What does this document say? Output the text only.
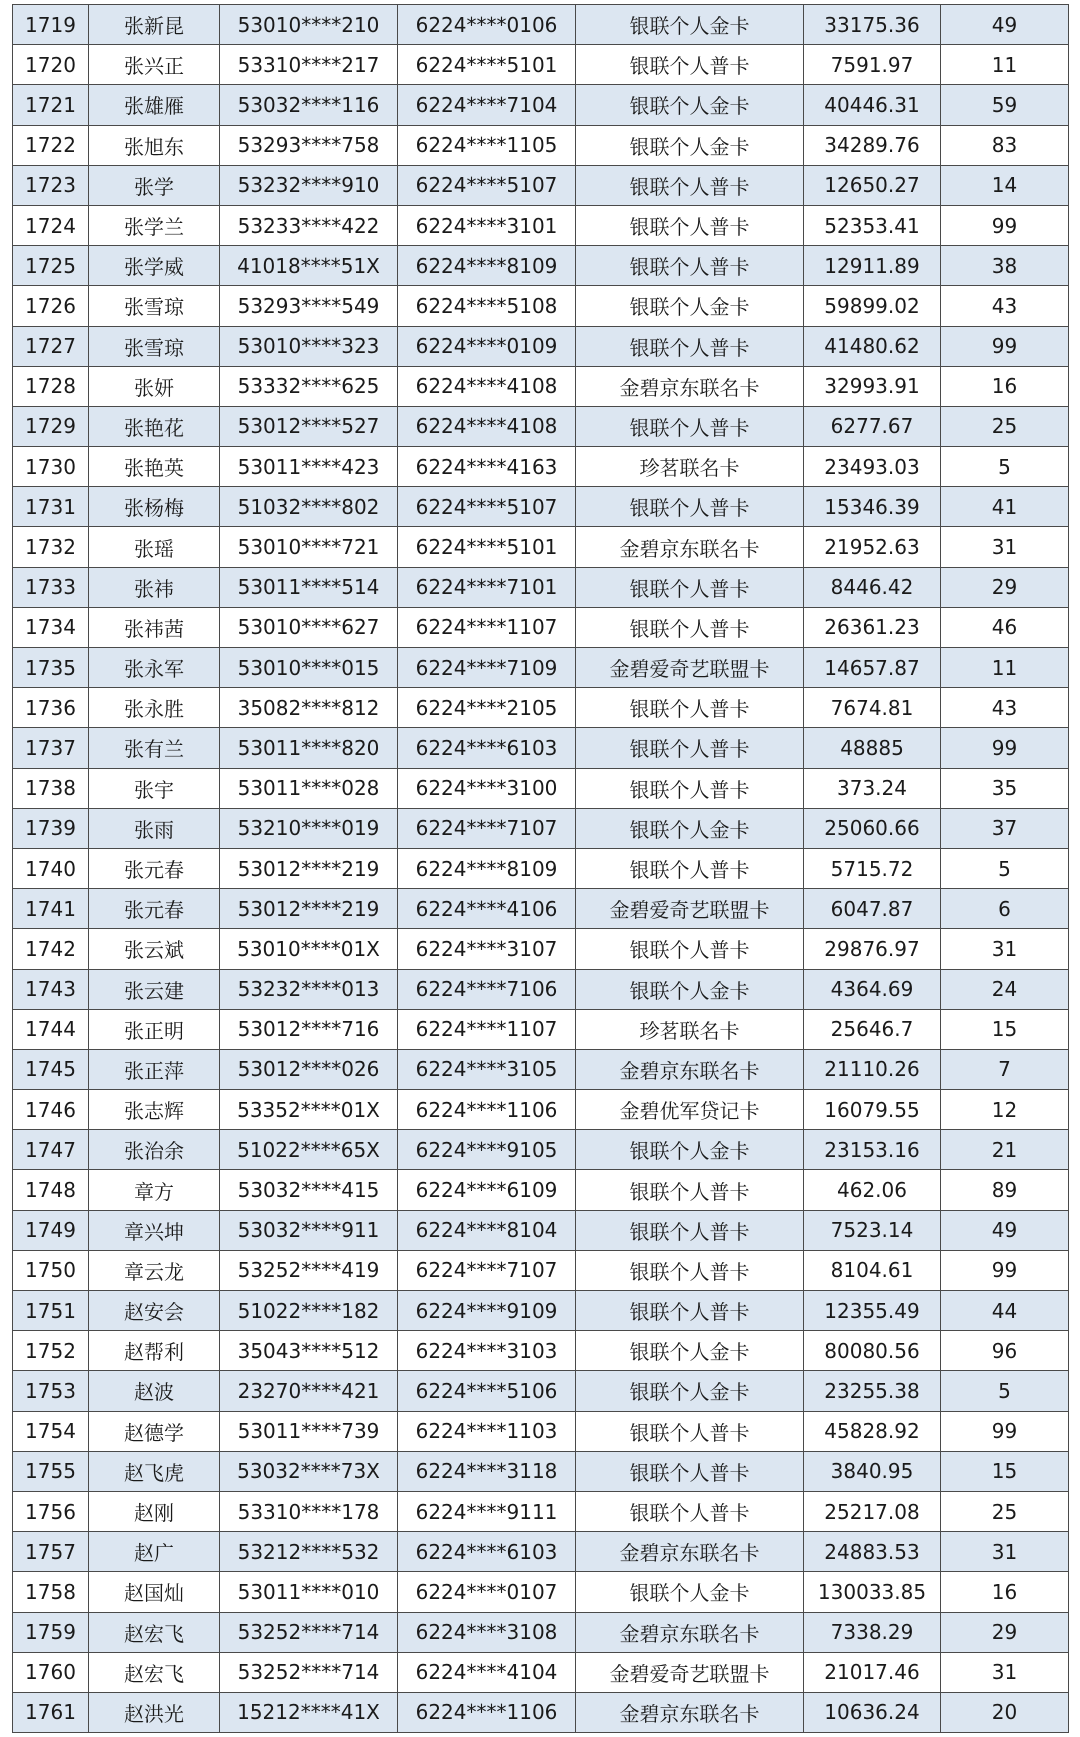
1719	张新昆	53010****210	6224****0106	银联个人金卡	33175.36	49
1720	张兴正	53310****217	6224****5101	银联个人普卡	7591.97	11
1721	张雄雁	53032****116	6224****7104	银联个人金卡	40446.31	59
1722	张旭东	53293****758	6224****1105	银联个人金卡	34289.76	83
1723	张学	53232****910	6224****5107	银联个人普卡	12650.27	14
1724	张学兰	53233****422	6224****3101	银联个人普卡	52353.41	99
1725	张学威	41018****51X	6224****8109	银联个人普卡	12911.89	38
1726	张雪琼	53293****549	6224****5108	银联个人金卡	59899.02	43
1727	张雪琼	53010****323	6224****0109	银联个人普卡	41480.62	99
1728	张妍	53332****625	6224****4108	金碧京东联名卡	32993.91	16
1729	张艳花	53012****527	6224****4108	银联个人普卡	6277.67	25
1730	张艳英	53011****423	6224****4163	珍茗联名卡	23493.03	5
1731	张杨梅	51032****802	6224****5107	银联个人普卡	15346.39	41
1732	张瑶	53010****721	6224****5101	金碧京东联名卡	21952.63	31
1733	张祎	53011****514	6224****7101	银联个人普卡	8446.42	29
1734	张祎茜	53010****627	6224****1107	银联个人普卡	26361.23	46
1735	张永军	53010****015	6224****7109	金碧爱奇艺联盟卡	14657.87	11
1736	张永胜	35082****812	6224****2105	银联个人普卡	7674.81	43
1737	张有兰	53011****820	6224****6103	银联个人普卡	48885	99
1738	张宇	53011****028	6224****3100	银联个人普卡	373.24	35
1739	张雨	53210****019	6224****7107	银联个人金卡	25060.66	37
1740	张元春	53012****219	6224****8109	银联个人普卡	5715.72	5
1741	张元春	53012****219	6224****4106	金碧爱奇艺联盟卡	6047.87	6
1742	张云斌	53010****01X	6224****3107	银联个人普卡	29876.97	31
1743	张云建	53232****013	6224****7106	银联个人金卡	4364.69	24
1744	张正明	53012****716	6224****1107	珍茗联名卡	25646.7	15
1745	张正萍	53012****026	6224****3105	金碧京东联名卡	21110.26	7
1746	张志辉	53352****01X	6224****1106	金碧优军贷记卡	16079.55	12
1747	张治余	51022****65X	6224****9105	银联个人金卡	23153.16	21
1748	章方	53032****415	6224****6109	银联个人普卡	462.06	89
1749	章兴坤	53032****911	6224****8104	银联个人普卡	7523.14	49
1750	章云龙	53252****419	6224****7107	银联个人普卡	8104.61	99
1751	赵安会	51022****182	6224****9109	银联个人普卡	12355.49	44
1752	赵帮利	35043****512	6224****3103	银联个人金卡	80080.56	96
1753	赵波	23270****421	6224****5106	银联个人金卡	23255.38	5
1754	赵德学	53011****739	6224****1103	银联个人普卡	45828.92	99
1755	赵飞虎	53032****73X	6224****3118	银联个人普卡	3840.95	15
1756	赵刚	53310****178	6224****9111	银联个人普卡	25217.08	25
1757	赵广	53212****532	6224****6103	金碧京东联名卡	24883.53	31
1758	赵国灿	53011****010	6224****0107	银联个人金卡	130033.85	16
1759	赵宏飞	53252****714	6224****3108	金碧京东联名卡	7338.29	29
1760	赵宏飞	53252****714	6224****4104	金碧爱奇艺联盟卡	21017.46	31
1761	赵洪光	15212****41X	6224****1106	金碧京东联名卡	10636.24	20
